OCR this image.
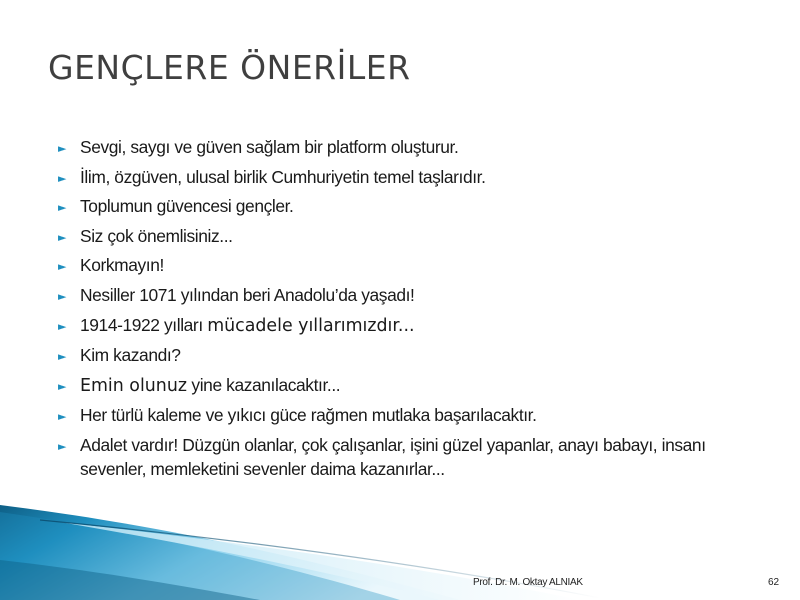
GENÇLERE ÖNERİLER
► Sevgi, saygı ve güven sağlam bir platform oluşturur.
► İlim, özgüven, ulusal birlik Cumhuriyetin temel taşlarıdır.
► Toplumun güvencesi gençler.
► Siz çok önemlisiniz...
► Korkmayın!
► Nesiller 1071 yılından beri Anadolu’da yaşadı!
► 1914-1922 yılları mücadele yıllarımızdır...
► Kim kazandı?
► Emin olunuz yine kazanılacaktır...
► Her türlü kaleme ve yıkıcı güce rağmen mutlaka başarılacaktır.
► Adalet vardır! Düzgün olanlar, çok çalışanlar, işini güzel yapanlar, anayı babayı, insanı sevenler, memleketini sevenler daima kazanırlar...
Prof. Dr. M. Oktay ALNIAK	62
